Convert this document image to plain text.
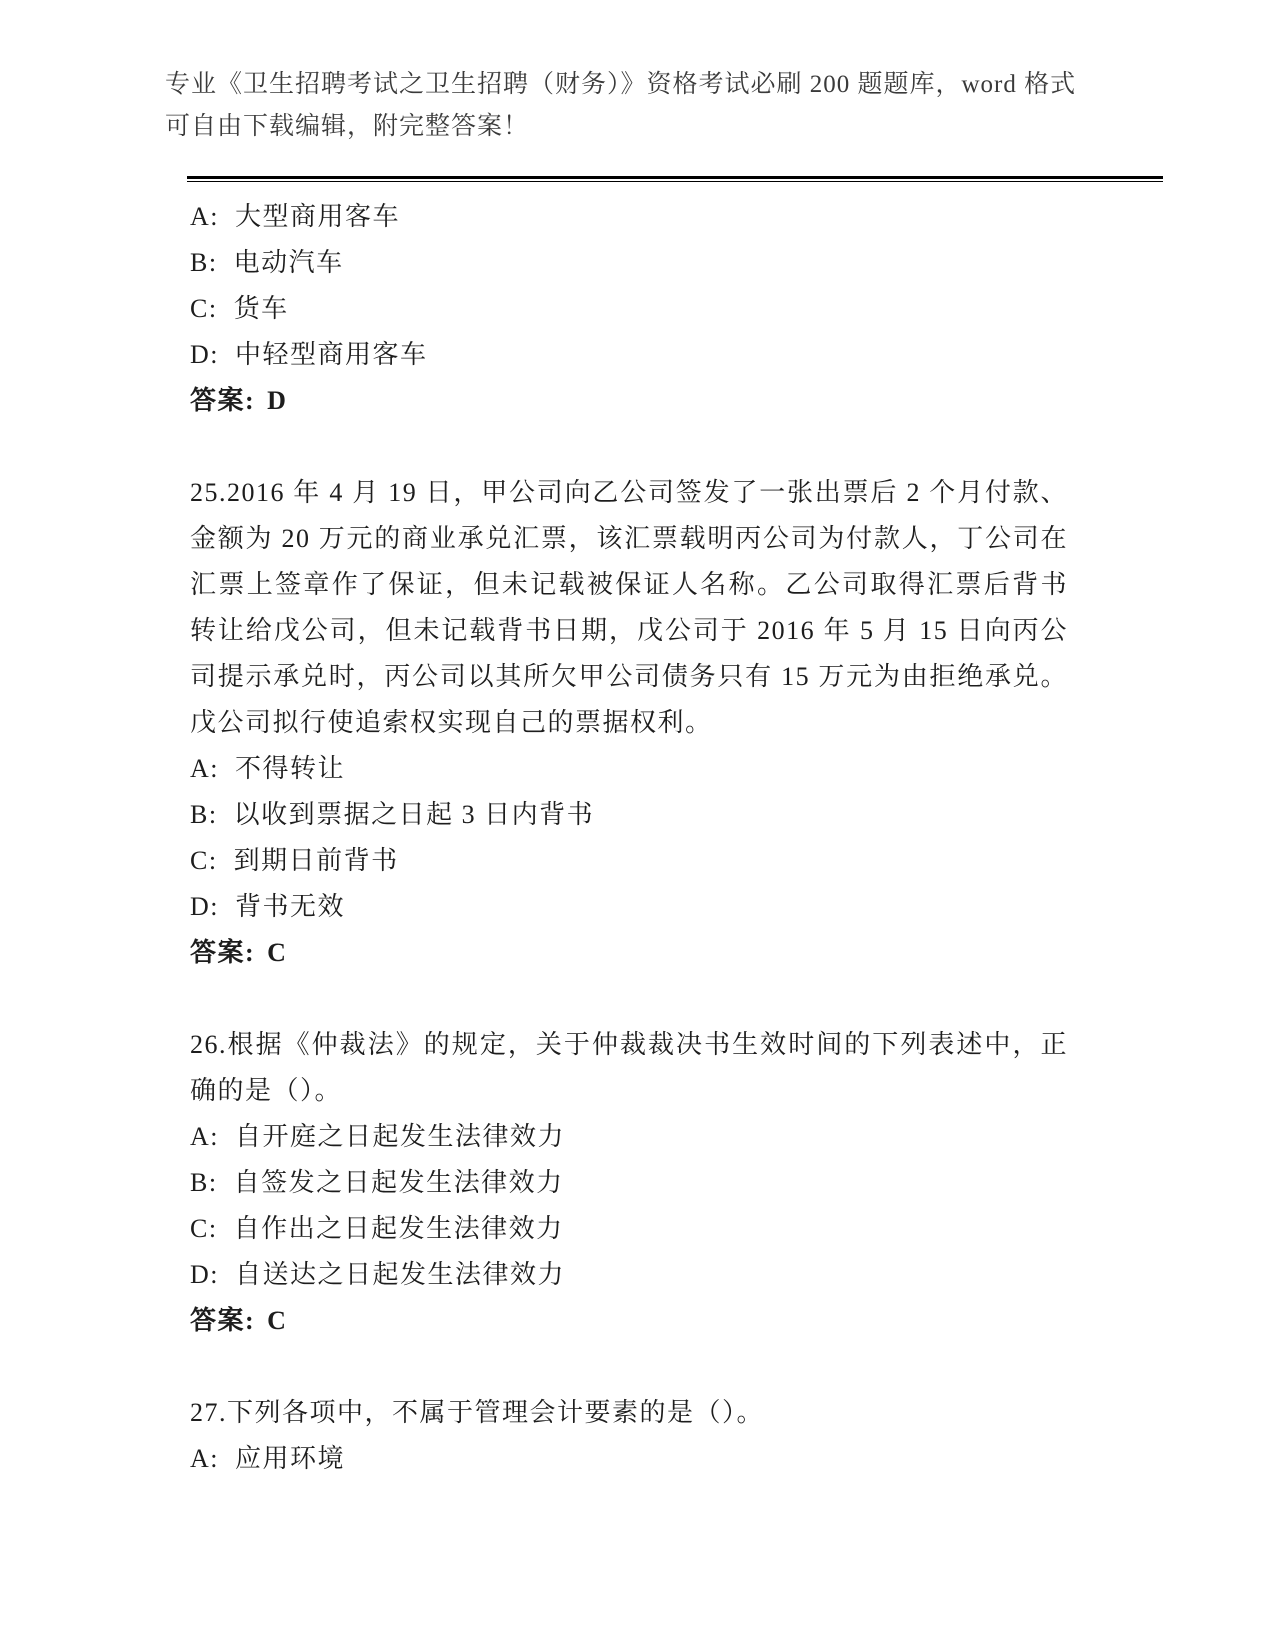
专业《卫生招聘考试之卫生招聘（财务）》资格考试必刷 200 题题库，word 格式

可自由下载编辑，附完整答案！

A: 大型商用客车

B: 电动汽车

C: 货车

D: 中轻型商用客车

答案: D

25.2016 年 4 月 19 日，甲公司向乙公司签发了一张出票后 2 个月付款、金额为 20 万元的商业承兑汇票，该汇票载明丙公司为付款人，丁公司在汇票上签章作了保证，但未记载被保证人名称。乙公司取得汇票后背书转让给戊公司，但未记载背书日期，戊公司于 2016 年 5 月 15 日向丙公司提示承兑时，丙公司以其所欠甲公司债务只有 15 万元为由拒绝承兑。戊公司拟行使追索权实现自己的票据权利。

A: 不得转让

B: 以收到票据之日起 3 日内背书

C: 到期日前背书

D: 背书无效

答案: C

26.根据《仲裁法》的规定，关于仲裁裁决书生效时间的下列表述中，正确的是（）。

A: 自开庭之日起发生法律效力

B: 自签发之日起发生法律效力

C: 自作出之日起发生法律效力

D: 自送达之日起发生法律效力

答案: C

27.下列各项中，不属于管理会计要素的是（）。

A: 应用环境
